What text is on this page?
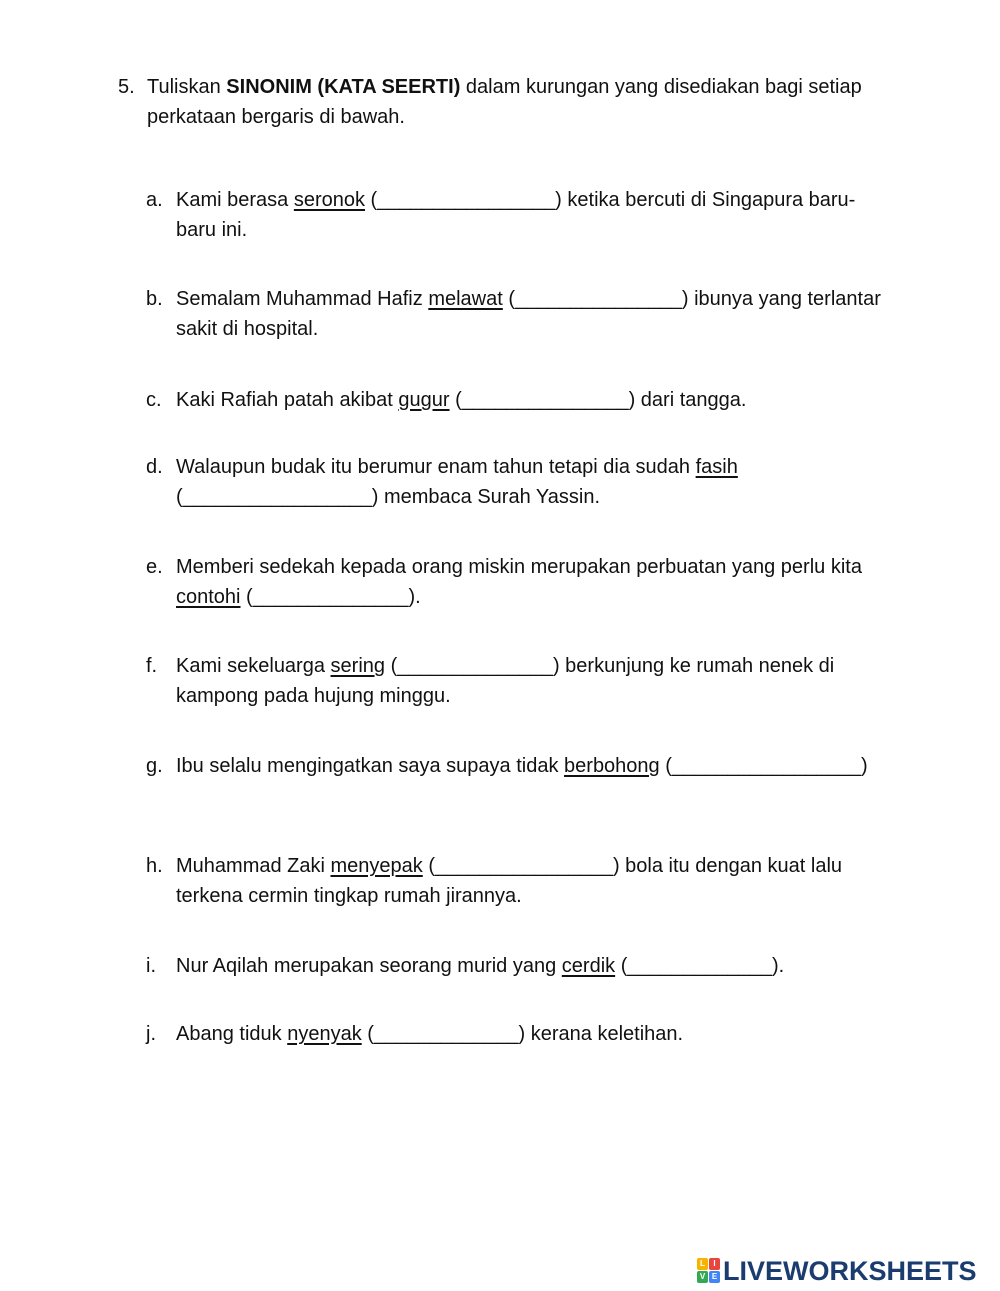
5. Tuliskan SINONIM (KATA SEERTI) dalam kurungan yang disediakan bagi setiap perkataan bergaris di bawah.
a. Kami berasa seronok (________________) ketika bercuti di Singapura baru-baru ini.
b. Semalam Muhammad Hafiz melawat (_______________) ibunya yang terlantar sakit di hospital.
c. Kaki Rafiah patah akibat gugur (_______________) dari tangga.
d. Walaupun budak itu berumur enam tahun tetapi dia sudah fasih (_________________) membaca Surah Yassin.
e. Memberi sedekah kepada orang miskin merupakan perbuatan yang perlu kita contohi (______________).
f. Kami sekeluarga sering (______________) berkunjung ke rumah nenek di kampong pada hujung minggu.
g. Ibu selalu mengingatkan saya supaya tidak berbohong (_________________)
h. Muhammad Zaki menyepak (________________) bola itu dengan kuat lalu terkena cermin tingkap rumah jirannya.
i. Nur Aqilah merupakan seorang murid yang cerdik (_____________).
j. Abang tiduk nyenyak (_____________) kerana keletihan.
L	I
V E LIVEWORKSHEETS
